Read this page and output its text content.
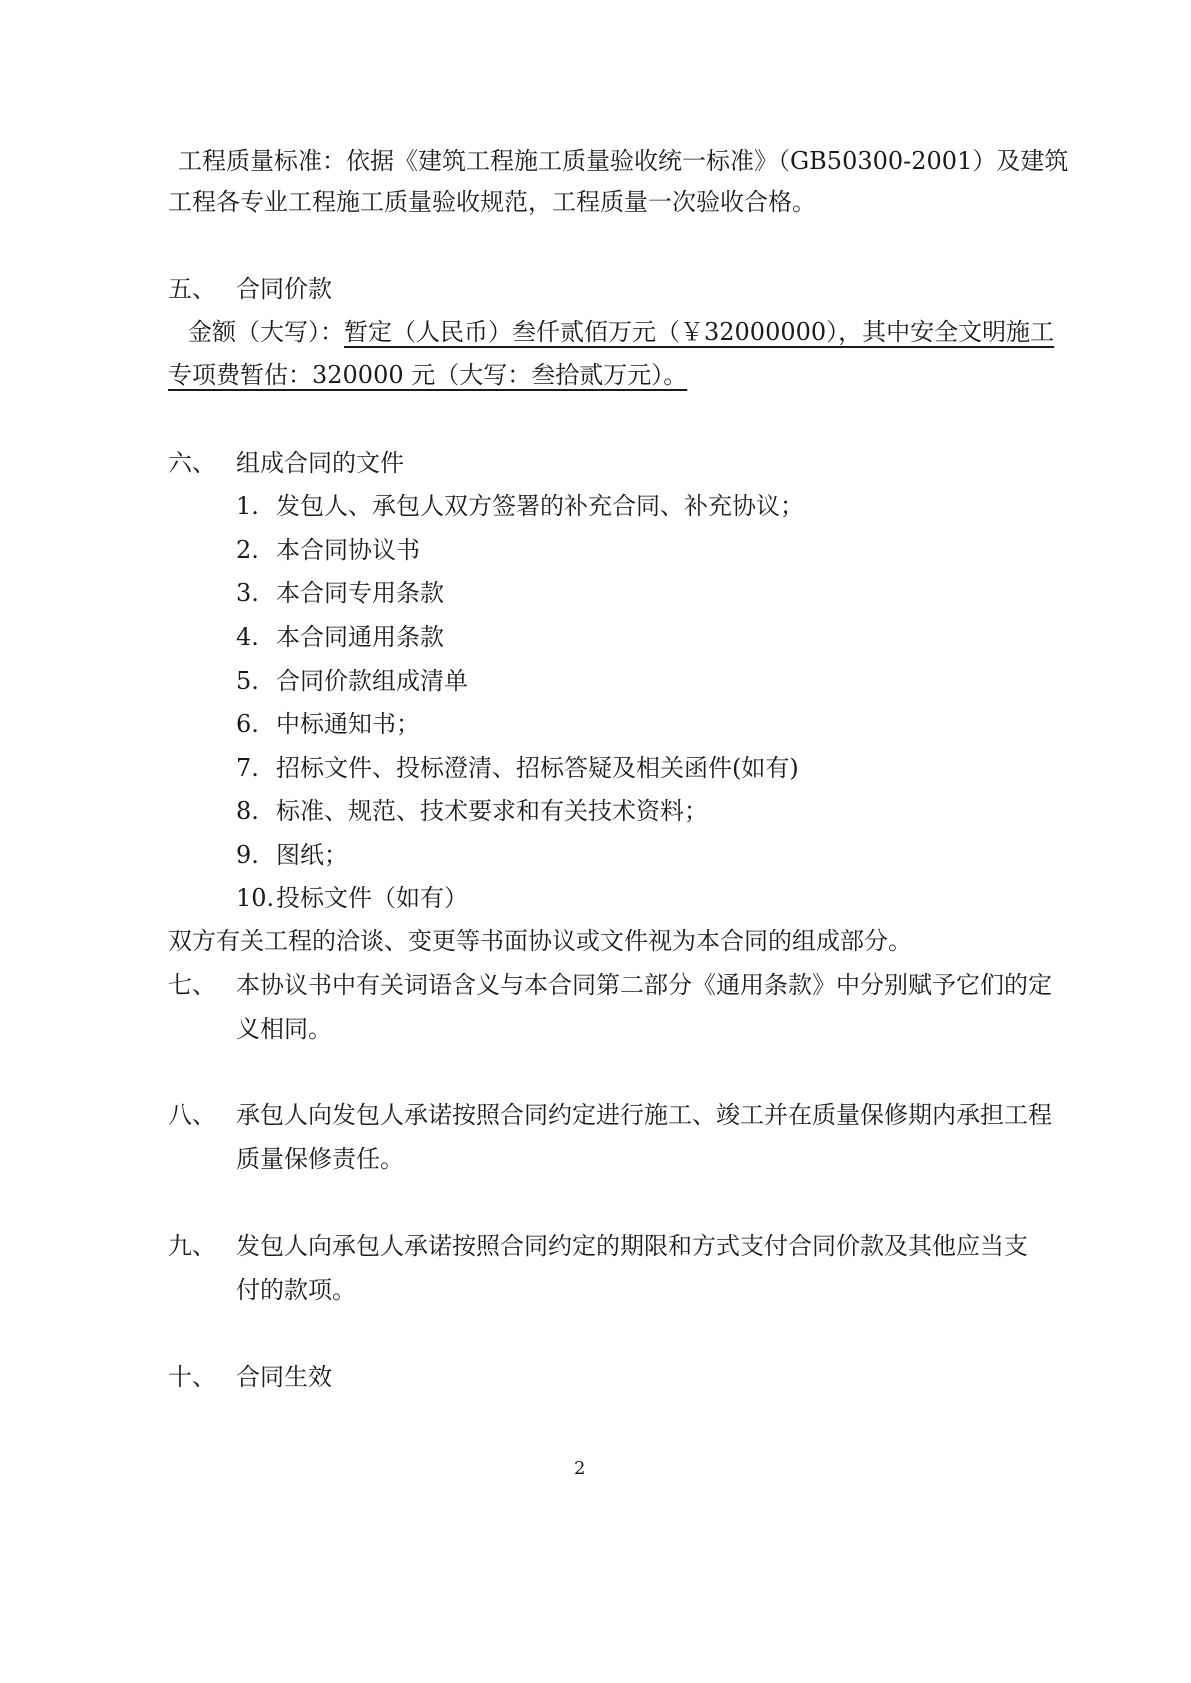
工程质量标准：依据《建筑工程施工质量验收统一标准》（GB50300-2001）及建筑
工程各专业工程施工质量验收规范，工程质量一次验收合格。
五、 合同价款
金额（大写）：暂定（人民币）叁仟贰佰万元（￥32000000），其中安全文明施工
专项费暂估：320000 元（大写：叁拾贰万元）。
六、 组成合同的文件
1. 发包人、承包人双方签署的补充合同、补充协议；
2. 本合同协议书
3. 本合同专用条款
4. 本合同通用条款
5. 合同价款组成清单
6. 中标通知书；
7. 招标文件、投标澄清、招标答疑及相关函件(如有)
8. 标准、规范、技术要求和有关技术资料；
9. 图纸；
10. 投标文件（如有）
双方有关工程的洽谈、变更等书面协议或文件视为本合同的组成部分。
七、 本协议书中有关词语含义与本合同第二部分《通用条款》中分别赋予它们的定
义相同。
八、 承包人向发包人承诺按照合同约定进行施工、竣工并在质量保修期内承担工程
质量保修责任。
九、 发包人向承包人承诺按照合同约定的期限和方式支付合同价款及其他应当支
付的款项。
十、 合同生效
2
